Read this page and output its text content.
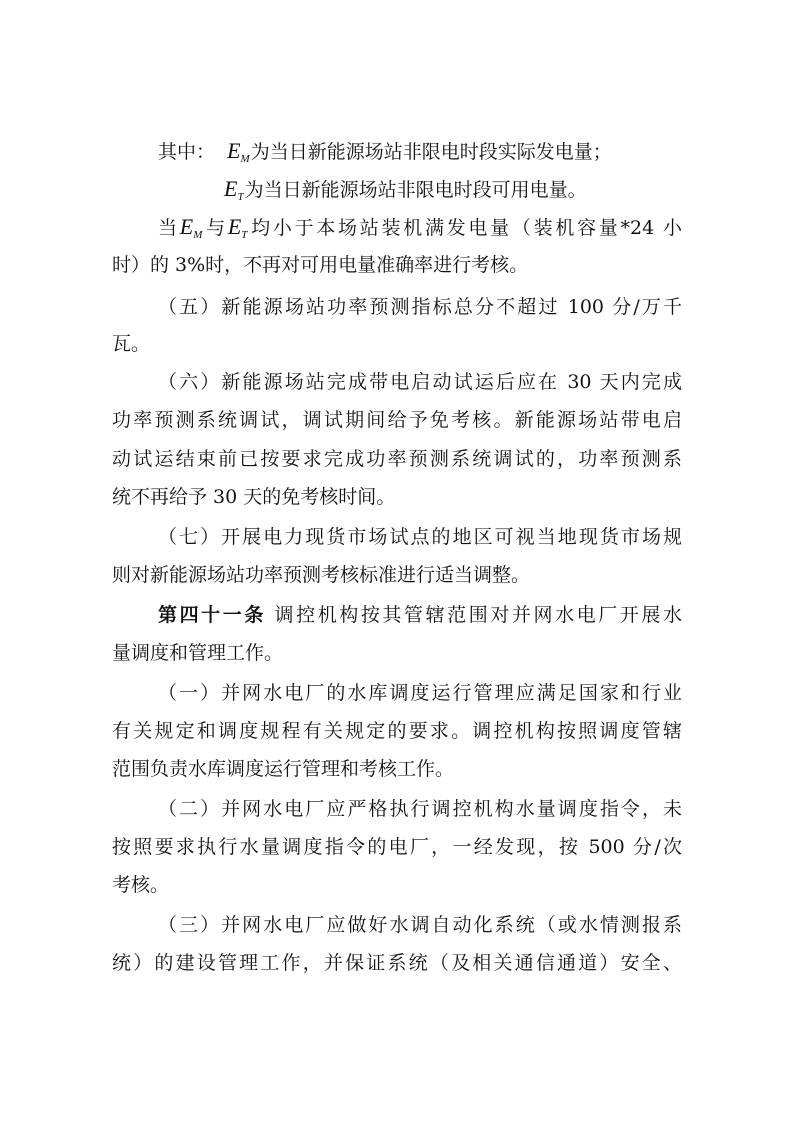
其中： $E_M$为当日新能源场站非限电时段实际发电量；
$E_T$为当日新能源场站非限电时段可用电量。
当$E_M$与$E_T$均小于本场站装机满发电量（装机容量*24 小
时）的 3%时，不再对可用电量准确率进行考核。
（五）新能源场站功率预测指标总分不超过 100 分/万千
瓦。
（六）新能源场站完成带电启动试运后应在 30 天内完成
功率预测系统调试，调试期间给予免考核。新能源场站带电启
动试运结束前已按要求完成功率预测系统调试的，功率预测系
统不再给予 30 天的免考核时间。
（七）开展电力现货市场试点的地区可视当地现货市场规
则对新能源场站功率预测考核标准进行适当调整。
第四十一条 调控机构按其管辖范围对并网水电厂开展水
量调度和管理工作。
（一）并网水电厂的水库调度运行管理应满足国家和行业
有关规定和调度规程有关规定的要求。调控机构按照调度管辖
范围负责水库调度运行管理和考核工作。
（二）并网水电厂应严格执行调控机构水量调度指令，未
按照要求执行水量调度指令的电厂，一经发现，按 500 分/次
考核。
（三）并网水电厂应做好水调自动化系统（或水情测报系
统）的建设管理工作，并保证系统（及相关通信通道）安全、
